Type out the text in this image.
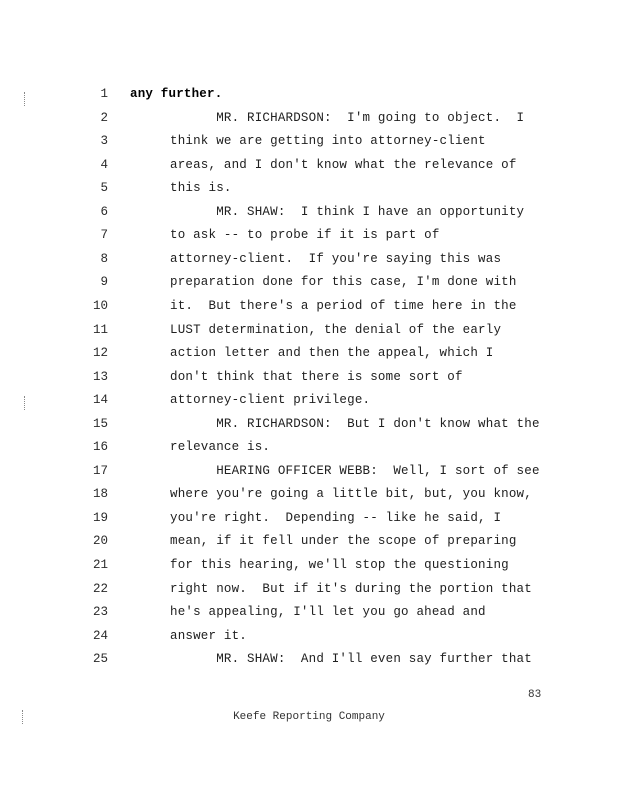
1 any further.
2	MR. RICHARDSON:  I'm going to object.  I
3	think we are getting into attorney-client
4	areas, and I don't know what the relevance of
5	this is.
6	MR. SHAW:  I think I have an opportunity
7	to ask -- to probe if it is part of
8	attorney-client.  If you're saying this was
9	preparation done for this case, I'm done with
10	it.  But there's a period of time here in the
11	LUST determination, the denial of the early
12	action letter and then the appeal, which I
13	don't think that there is some sort of
14	attorney-client privilege.
15	MR. RICHARDSON:  But I don't know what the
16	relevance is.
17	HEARING OFFICER WEBB:  Well, I sort of see
18	where you're going a little bit, but, you know,
19	you're right.  Depending -- like he said, I
20	mean, if it fell under the scope of preparing
21	for this hearing, we'll stop the questioning
22	right now.  But if it's during the portion that
23	he's appealing, I'll let you go ahead and
24	answer it.
25	MR. SHAW:  And I'll even say further that
83
Keefe Reporting Company
